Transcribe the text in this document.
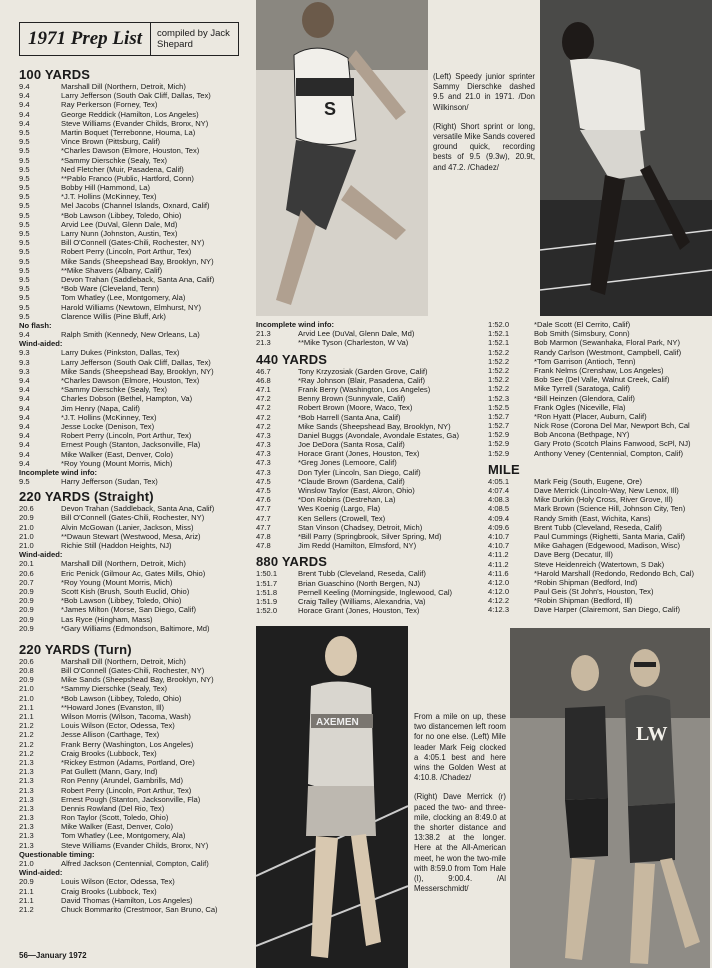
1971 Prep List	compiled by Jack Shepard
100 YARDS
9.4	Marshall Dill (Northern, Detroit, Mich)
9.4	Larry Jefferson (South Oak Cliff, Dallas, Tex)
9.4	Ray Perkerson (Forney, Tex)
9.4	George Reddick (Hamilton, Los Angeles)
9.4	Steve Williams (Evander Childs, Bronx, NY)
9.5	Martin Boquet (Terrebonne, Houma, La)
9.5	Vince Brown (Pittsburg, Calif)
9.5	*Charles Dawson (Elmore, Houston, Tex)
9.5	*Sammy Dierschke (Sealy, Tex)
9.5	Ned Fletcher (Muir, Pasadena, Calif)
9.5	**Pablo Franco (Public, Hartford, Conn)
9.5	Bobby Hill (Hammond, La)
9.5	*J.T. Hollins (McKinney, Tex)
9.5	Mel Jacobs (Channel Islands, Oxnard, Calif)
9.5	*Bob Lawson (Libbey, Toledo, Ohio)
9.5	Arvid Lee (DuVal, Glenn Dale, Md)
9.5	Larry Nunn (Johnston, Austin, Tex)
9.5	Bill O'Connell (Gates-Chili, Rochester, NY)
9.5	Robert Perry (Lincoln, Port Arthur, Tex)
9.5	Mike Sands (Sheepshead Bay, Brooklyn, NY)
9.5	**Mike Shavers (Albany, Calif)
9.5	Devon Trahan (Saddleback, Santa Ana, Calif)
9.5	*Bob Ware (Cleveland, Tenn)
9.5	Tom Whatley (Lee, Montgomery, Ala)
9.5	Harold Williams (Newtown, Elmhurst, NY)
9.5	Clarence Willis (Pine Bluff, Ark)
No flash:
9.4	Ralph Smith (Kennedy, New Orleans, La)
Wind-aided:
9.3	Larry Dukes (Pinkston, Dallas, Tex)
9.3	Larry Jefferson (South Oak Cliff, Dallas, Tex)
9.3	Mike Sands (Sheepshead Bay, Brooklyn, NY)
9.4	*Charles Dawson (Elmore, Houston, Tex)
9.4	*Sammy Dierschke (Sealy, Tex)
9.4	Charles Dobson (Bethel, Hampton, Va)
9.4	Jim Henry (Napa, Calif)
9.4	*J.T. Hollins (McKinney, Tex)
9.4	Jesse Locke (Denison, Tex)
9.4	Robert Perry (Lincoln, Port Arthur, Tex)
9.4	Ernest Pough (Stanton, Jacksonville, Fla)
9.4	Mike Walker (East, Denver, Colo)
9.4	*Roy Young (Mount Morris, Mich)
Incomplete wind info:
9.5	Harry Jefferson (Sudan, Tex)
220 YARDS (Straight)
20.6	Devon Trahan (Saddleback, Santa Ana, Calif)
20.9	Bill O'Connell (Gates-Chili, Rochester, NY)
21.0	Alvin McGowan (Lanier, Jackson, Miss)
21.0	**Dwaun Stewart (Westwood, Mesa, Ariz)
21.0	Richie Still (Haddon Heights, NJ)
Wind-aided:
20.1	Marshall Dill (Northern, Detroit, Mich)
20.6	Eric Penick (Gilmour Ac, Gates Mills, Ohio)
20.7	*Roy Young (Mount Morris, Mich)
20.9	Scott Kish (Brush, South Euclid, Ohio)
20.9	*Bob Lawson (Libbey, Toledo, Ohio)
20.9	*James Milton (Morse, San Diego, Calif)
20.9	Las Ryce (Hingham, Mass)
20.9	*Gary Williams (Edmondson, Baltimore, Md)
220 YARDS (Turn)
20.6	Marshall Dill (Northern, Detroit, Mich)
20.8	Bill O'Connell (Gates-Chili, Rochester, NY)
20.9	Mike Sands (Sheepshead Bay, Brooklyn, NY)
21.0	*Sammy Dierschke (Sealy, Tex)
21.0	*Bob Lawson (Libbey, Toledo, Ohio)
21.1	**Howard Jones (Evanston, Ill)
21.1	Wilson Morris (Wilson, Tacoma, Wash)
21.2	Louis Wilson (Ector, Odessa, Tex)
21.2	Jesse Allison (Carthage, Tex)
21.2	Frank Berry (Washington, Los Angeles)
21.2	Craig Brooks (Lubbock, Tex)
21.3	*Rickey Estmon (Adams, Portland, Ore)
21.3	Pat Gullett (Mann, Gary, Ind)
21.3	Ron Penny (Arundel, Gambrills, Md)
21.3	Robert Perry (Lincoln, Port Arthur, Tex)
21.3	Ernest Pough (Stanton, Jacksonville, Fla)
21.3	Dennis Rowland (Del Rio, Tex)
21.3	Ron Taylor (Scott, Toledo, Ohio)
21.3	Mike Walker (East, Denver, Colo)
21.3	Tom Whatley (Lee, Montgomery, Ala)
21.3	Steve Williams (Evander Childs, Bronx, NY)
Questionable timing:
21.0	Alfred Jackson (Centennial, Compton, Calif)
Wind-aided:
20.9	Louis Wilson (Ector, Odessa, Tex)
21.1	Craig Brooks (Lubbock, Tex)
21.1	David Thomas (Hamilton, Los Angeles)
21.2	Chuck Bommarito (Crestmoor, San Bruno, Ca)
Incomplete wind info:
21.3	Arvid Lee (DuVal, Glenn Dale, Md)
21.3	**Mike Tyson (Charleston, W Va)
440 YARDS
46.7	Tony Krzyzosiak (Garden Grove, Calif)
46.8	*Ray Johnson (Blair, Pasadena, Calif)
47.1	Frank Berry (Washington, Los Angeles)
47.2	Benny Brown (Sunnyvale, Calif)
47.2	Robert Brown (Moore, Waco, Tex)
47.2	*Bob Harrell (Santa Ana, Calif)
47.2	Mike Sands (Sheepshead Bay, Brooklyn, NY)
47.3	Daniel Buggs (Avondale, Avondale Estates, Ga)
47.3	Joe DeDora (Santa Rosa, Calif)
47.3	Horace Grant (Jones, Houston, Tex)
47.3	*Greg Jones (Lemoore, Calif)
47.3	Don Tyler (Lincoln, San Diego, Calif)
47.5	*Claude Brown (Gardena, Calif)
47.5	Winslow Taylor (East, Akron, Ohio)
47.6	*Don Robins (Destrehan, La)
47.7	Wes Koenig (Largo, Fla)
47.7	Ken Sellers (Crowell, Tex)
47.7	Stan Vinson (Chadsey, Detroit, Mich)
47.8	*Bill Parry (Springbrook, Silver Spring, Md)
47.8	Jim Redd (Hamilton, Elmsford, NY)
880 YARDS
1:50.1	Brent Tubb (Cleveland, Reseda, Calif)
1:51.7	Brian Guaschino (North Bergen, NJ)
1:51.8	Pernell Keeling (Morningside, Inglewood, Cal)
1:51.9	Craig Talley (Williams, Alexandria, Va)
1:52.0	Horace Grant (Jones, Houston, Tex)
1:52.0	*Dale Scott (El Cerrito, Calif)
1:52.1	Bob Smith (Simsbury, Conn)
1:52.1	Bob Marmon (Sewanhaka, Floral Park, NY)
1:52.2	Randy Carlson (Westmont, Campbell, Calif)
1:52.2	*Tom Garrison (Antioch, Tenn)
1:52.2	Frank Nelms (Crenshaw, Los Angeles)
1:52.2	Bob See (Del Valle, Walnut Creek, Calif)
1:52.2	Mike Tyrrell (Saratoga, Calif)
1:52.3	*Bill Heinzen (Glendora, Calif)
1:52.5	Frank Ogles (Niceville, Fla)
1:52.7	*Ron Hyatt (Placer, Auburn, Calif)
1:52.7	Nick Rose (Corona Del Mar, Newport Bch, Cal
1:52.9	Bob Ancona (Bethpage, NY)
1:52.9	Gary Proto (Scotch Plains Fanwood, ScPl, NJ)
1:52.9	Anthony Veney (Centennial, Compton, Calif)
MILE
4:05.1	Mark Feig (South, Eugene, Ore)
4:07.4	Dave Merrick (Lincoln-Way, New Lenox, Ill)
4:08.3	Mike Durkin (Holy Cross, River Grove, Ill)
4:08.5	Mark Brown (Science Hill, Johnson City, Ten)
4:09.4	Randy Smith (East, Wichita, Kans)
4:09.6	Brent Tubb (Cleveland, Reseda, Calif)
4:10.7	Paul Cummings (Righetti, Santa Maria, Calif)
4:10.7	Mike Gahagen (Edgewood, Madison, Wisc)
4:11.2	Dave Berg (Decatur, Ill)
4:11.2	Steve Heidenreich (Watertown, S Dak)
4:11.6	*Harold Marshall (Redondo, Redondo Bch, Cal)
4:12.0	*Robin Shipman (Bedford, Ind)
4:12.0	Paul Geis (St John's, Houston, Tex)
4:12.2	*Robin Shipman (Bedford, Ill)
4:12.3	Dave Harper (Clairemont, San Diego, Calif)
S

(Left) Speedy junior sprinter Sammy Dierschke dashed 9.5 and 21.0 in 1971. /Don Wilkinson/

(Right) Short sprint or long, versatile Mike Sands covered ground quick, recording bests of 9.5 (9.3w), 20.9t, and 47.2. /Chadez/

AXEMEN

From a mile on up, these two distancemen left room for no one else. (Left) Mile leader Mark Feig clocked a 4:05.1 best and here wins the Golden West at 4:10.8. /Chadez/

(Right) Dave Merrick (r) paced the two- and three-mile, clocking an 8:49.0 at the shorter distance and 13:38.2 at the longer. Here at the All-American meet, he won the two-mile with 8:59.0 from Tom Hale (I), 9:00.4. /Al Messerschmidt/

LW
56—January 1972
